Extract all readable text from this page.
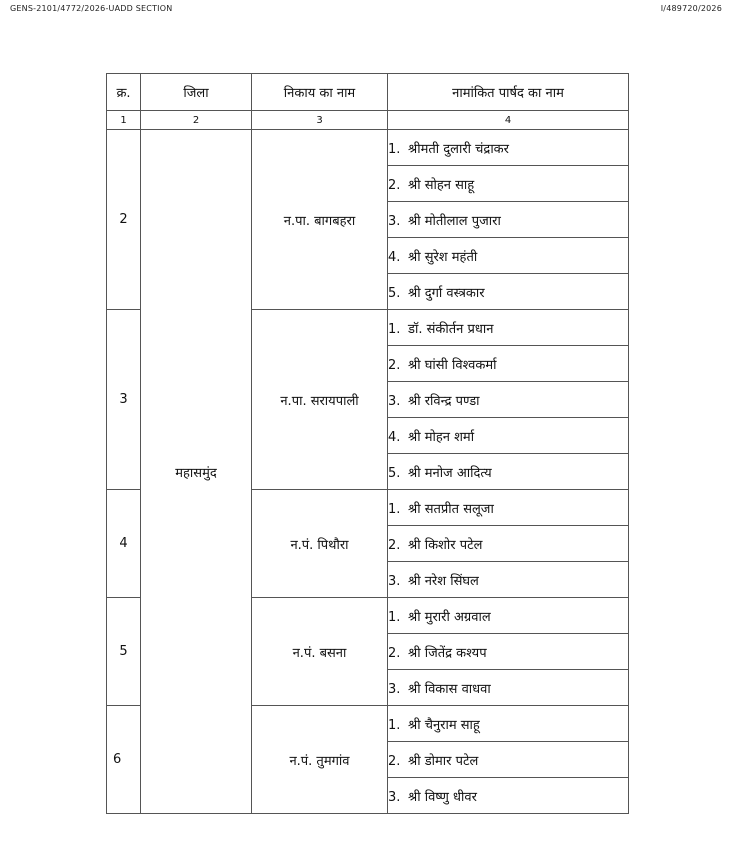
GENS-2101/4772/2026-UADD SECTION	I/489720/2026
क्र.	जिला	निकाय का नाम	नामांकित पार्षद का नाम
1	2	3	4
2	महासमुंद	न.पा. बागबहरा	1. श्रीमती दुलारी चंद्राकर
			2. श्री सोहन साहू
			3. श्री मोतीलाल पुजारा
			4. श्री सुरेश महंती
			5. श्री दुर्गा वस्त्रकार
3		न.पा. सरायपाली	1. डॉ. संकीर्तन प्रधान
			2. श्री घांसी विश्वकर्मा
			3. श्री रविन्द्र पण्डा
			4. श्री मोहन शर्मा
			5. श्री मनोज आदित्य
4		न.पं. पिथौरा	1. श्री सतप्रीत सलूजा
			2. श्री किशोर पटेल
			3. श्री नरेश सिंघल
5		न.पं. बसना	1. श्री मुरारी अग्रवाल
			2. श्री जितेंद्र कश्यप
			3. श्री विकास वाधवा
6		न.पं. तुमगांव	1. श्री चैनुराम साहू
			2. श्री डोमार पटेल
			3. श्री विष्णु धीवर
